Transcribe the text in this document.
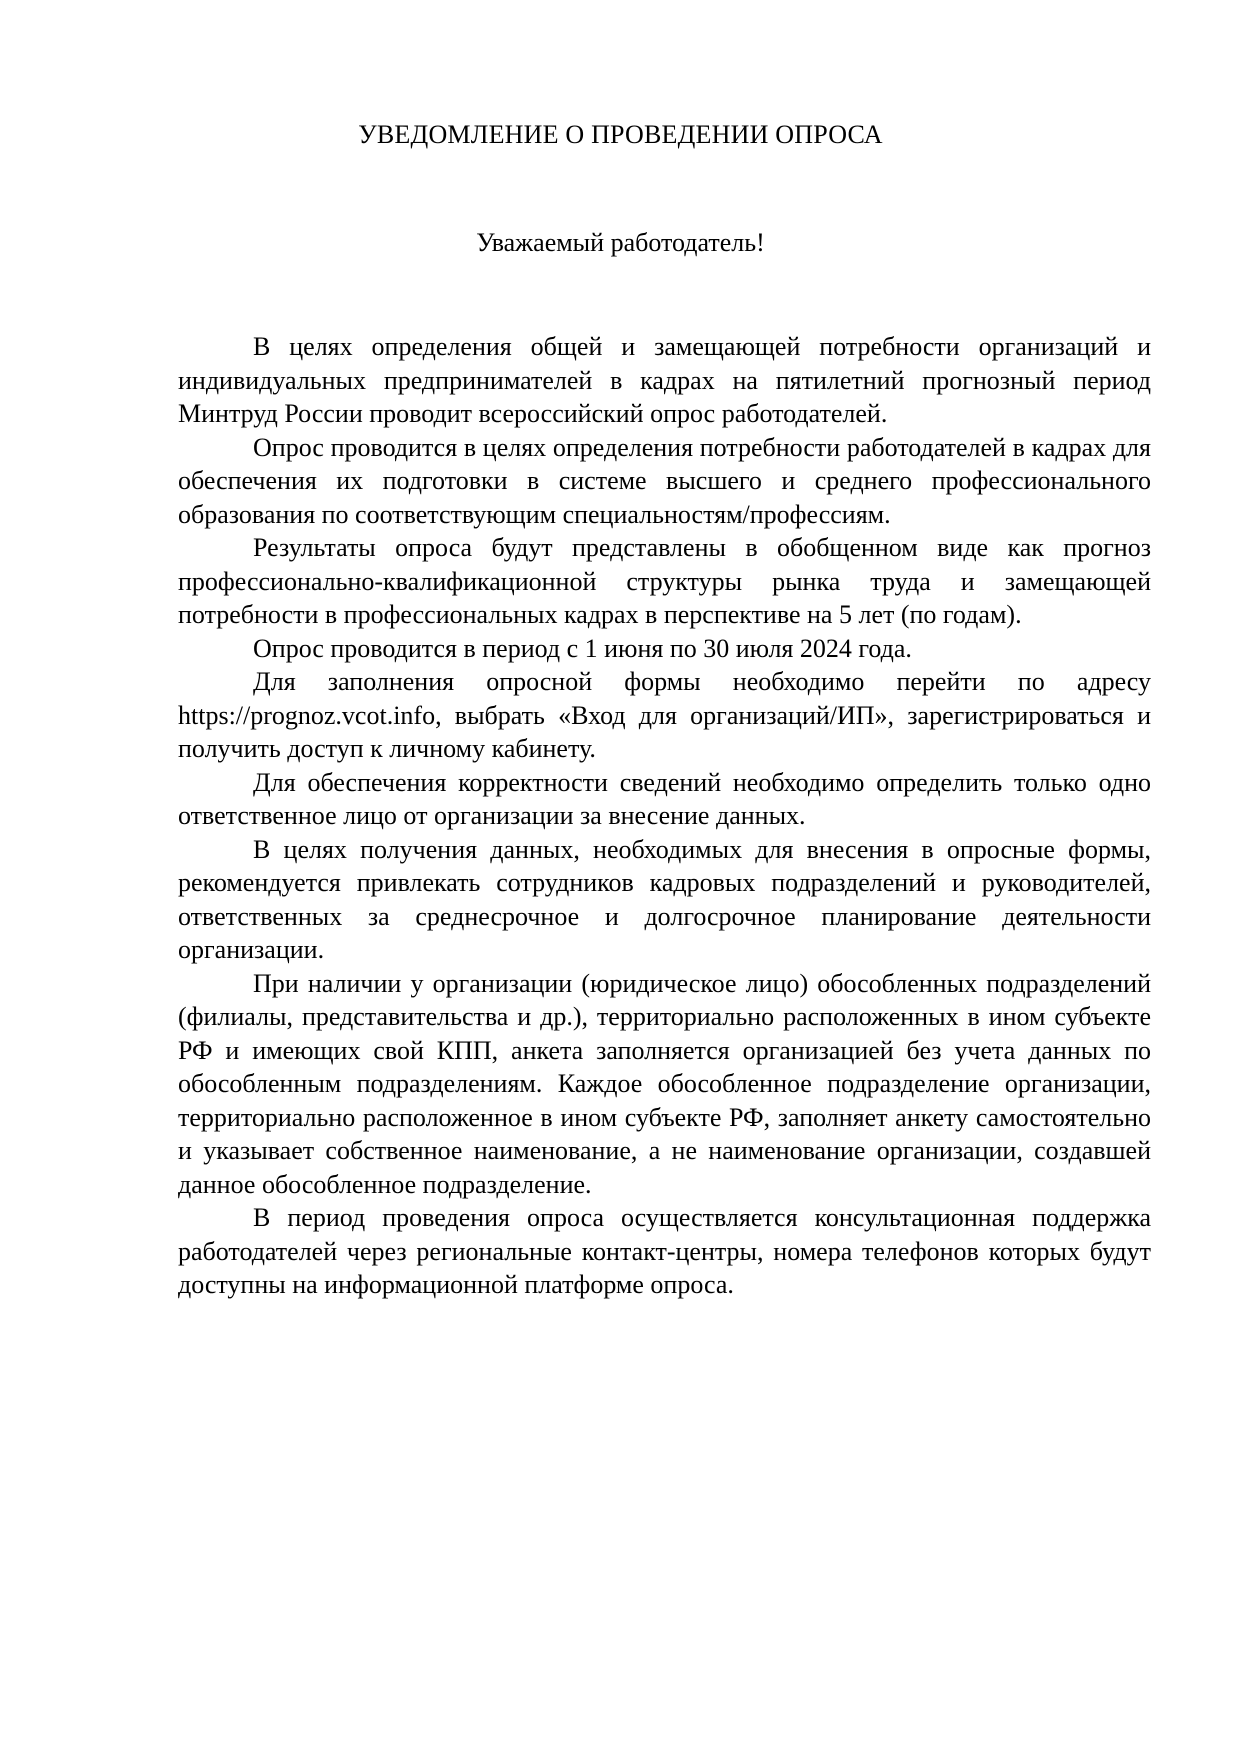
УВЕДОМЛЕНИЕ О ПРОВЕДЕНИИ ОПРОСА
Уважаемый работодатель!

В целях определения общей и замещающей потребности организаций и индивидуальных предпринимателей в кадрах на пятилетний прогнозный период Минтруд России проводит всероссийский опрос работодателей.

Опрос проводится в целях определения потребности работодателей в кадрах для обеспечения их подготовки в системе высшего и среднего профессионального образования по соответствующим специальностям/профессиям.

Результаты опроса будут представлены в обобщенном виде как прогноз профессионально-квалификационной структуры рынка труда и замещающей потребности в профессиональных кадрах в перспективе на 5 лет (по годам).

Опрос проводится в период с 1 июня по 30 июля 2024 года.

Для заполнения опросной формы необходимо перейти по адресу https://prognoz.vcot.info, выбрать «Вход для организаций/ИП», зарегистрироваться и получить доступ к личному кабинету.

Для обеспечения корректности сведений необходимо определить только одно ответственное лицо от организации за внесение данных.

В целях получения данных, необходимых для внесения в опросные формы, рекомендуется привлекать сотрудников кадровых подразделений и руководителей, ответственных за среднесрочное и долгосрочное планирование деятельности организации.

При наличии у организации (юридическое лицо) обособленных подразделений (филиалы, представительства и др.), территориально расположенных в ином субъекте РФ и имеющих свой КПП, анкета заполняется организацией без учета данных по обособленным подразделениям. Каждое обособленное подразделение организации, территориально расположенное в ином субъекте РФ, заполняет анкету самостоятельно и указывает собственное наименование, а не наименование организации, создавшей данное обособленное подразделение.

В период проведения опроса осуществляется консультационная поддержка работодателей через региональные контакт-центры, номера телефонов которых будут доступны на информационной платформе опроса.
